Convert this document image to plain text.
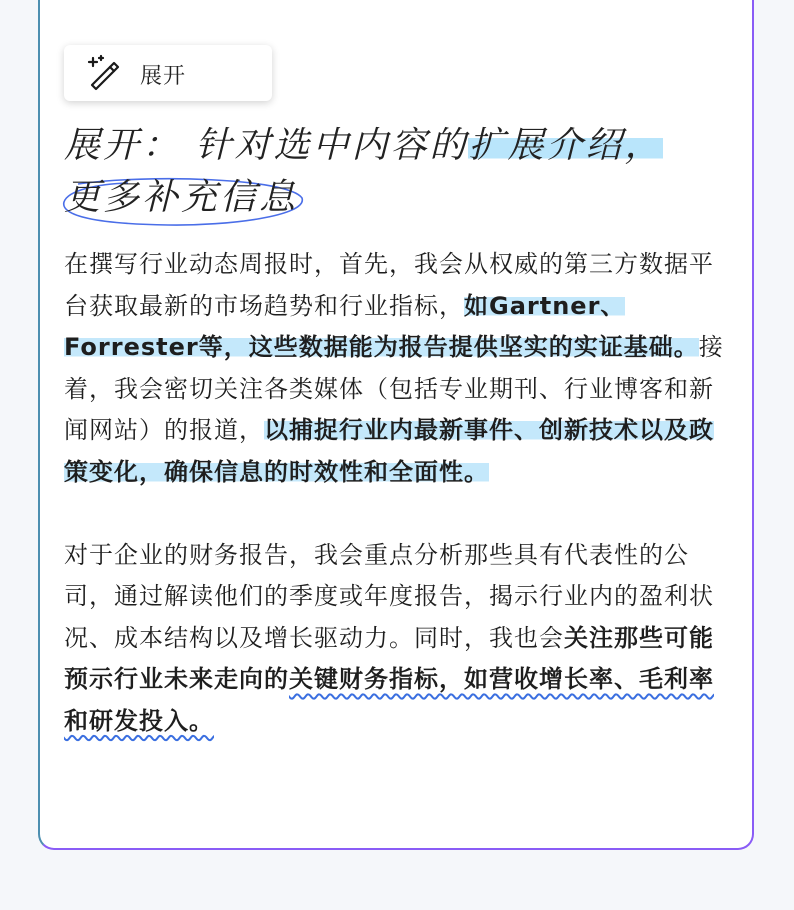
展开
展开： 针对选中内容的扩展介绍，
更多补充信息

在撰写行业动态周报时，首先，我会从权威的第三方数据平台获取最新的市场趋势和行业指标，如Gartner、Forrester等，这些数据能为报告提供坚实的实证基础。接着，我会密切关注各类媒体（包括专业期刊、行业博客和新闻网站）的报道，以捕捉行业内最新事件、创新技术以及政策变化，确保信息的时效性和全面性。

对于企业的财务报告，我会重点分析那些具有代表性的公司，通过解读他们的季度或年度报告，揭示行业内的盈利状况、成本结构以及增长驱动力。同时，我也会关注那些可能预示行业未来走向的关键财务指标，如营收增长率、毛利率和研发投入。
